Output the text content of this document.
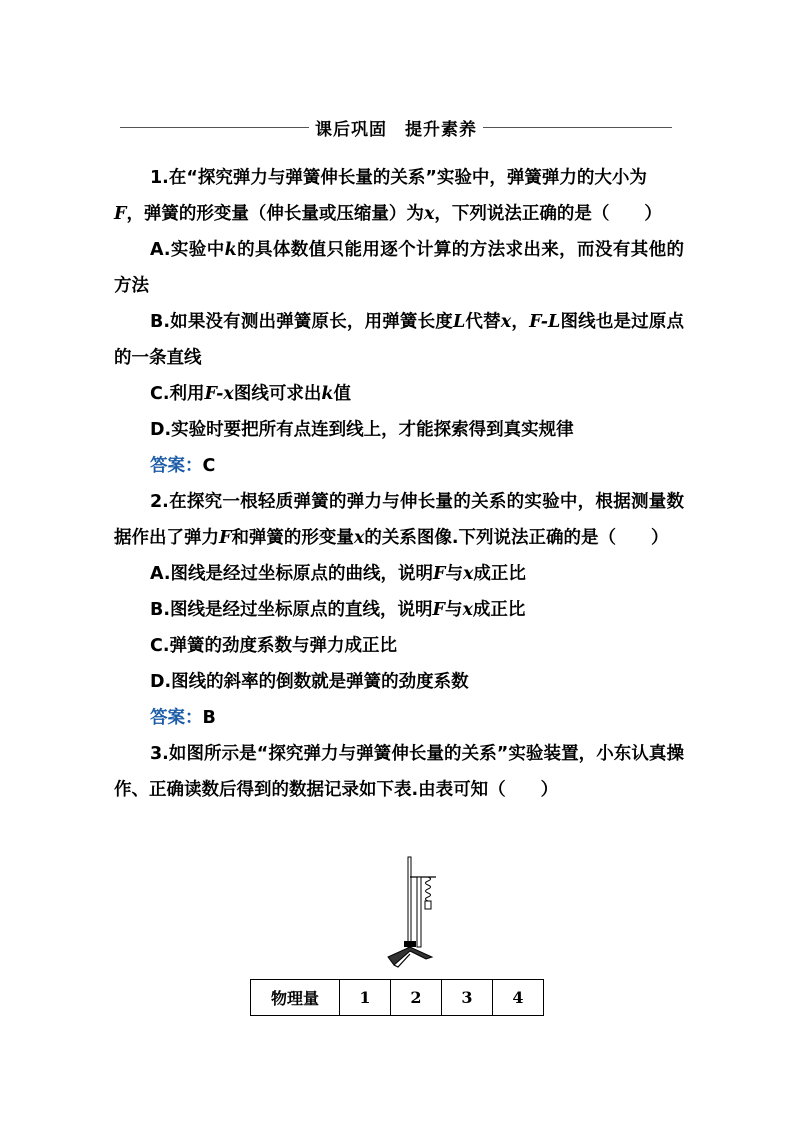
课后巩固　提升素养

1.在“探究弹力与弹簧伸长量的关系”实验中，弹簧弹力的大小为
F，弹簧的形变量（伸长量或压缩量）为x，下列说法正确的是（　　）

A.实验中k的具体数值只能用逐个计算的方法求出来，而没有其他的方法

B.如果没有测出弹簧原长，用弹簧长度L代替x，F-L图线也是过原点的一条直线

C.利用F-x图线可求出k值

D.实验时要把所有点连到线上，才能探索得到真实规律

答案：C

2.在探究一根轻质弹簧的弹力与伸长量的关系的实验中，根据测量数据作出了弹力F和弹簧的形变量x的关系图像.下列说法正确的是（　　）

A.图线是经过坐标原点的曲线，说明F与x成正比

B.图线是经过坐标原点的直线，说明F与x成正比

C.弹簧的劲度系数与弹力成正比

D.图线的斜率的倒数就是弹簧的劲度系数

答案：B

3.如图所示是“探究弹力与弹簧伸长量的关系”实验装置，小东认真操作、正确读数后得到的数据记录如下表.由表可知（　　）

物理量	1	2	3	4
